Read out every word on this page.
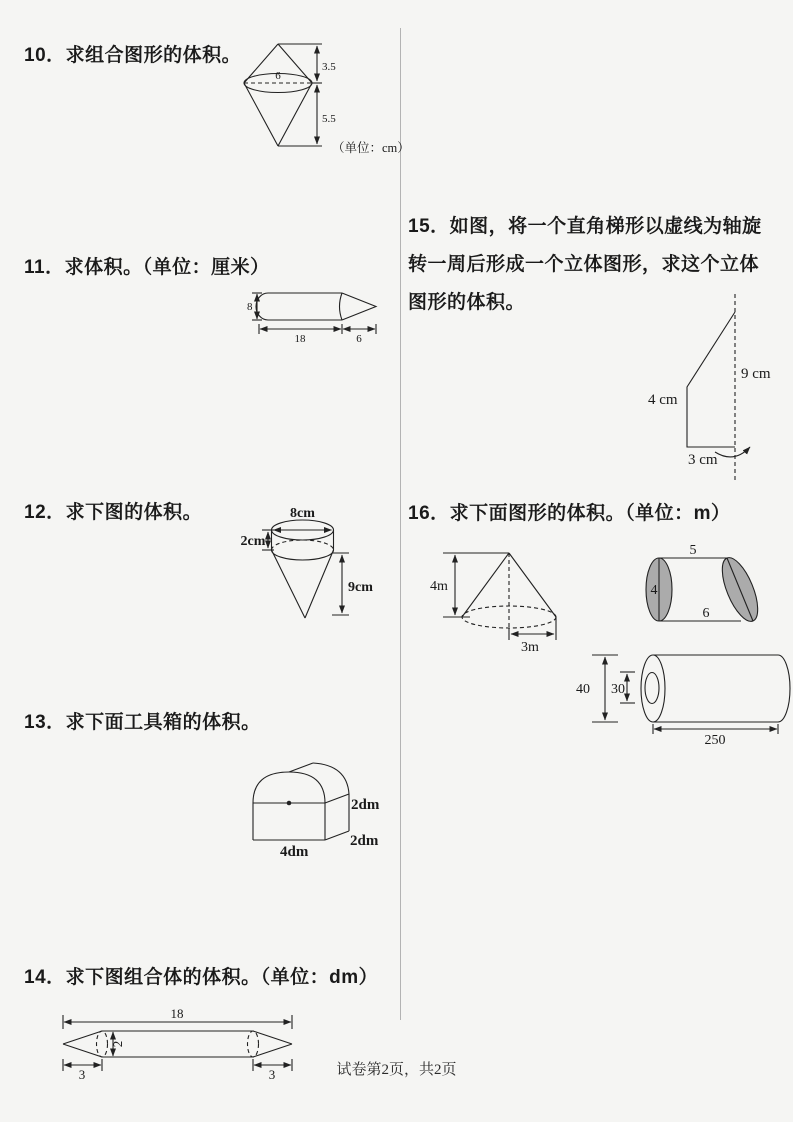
10．求组合图形的体积。
6
3.5
5.5
（单位：cm）
11．求体积。（单位：厘米）
8
18	6
12．求下图的体积。	8cm
2cm
9cm
13．求下面工具箱的体积。
2dm
2dm
4dm
14．求下图组合体的体积。（单位：dm）
18
2
3	3
15．如图，将一个直角梯形以虚线为轴旋
转一周后形成一个立体图形，求这个立体
图形的体积。
9 cm
4 cm
3 cm
16．求下面图形的体积。（单位：m）
4m
3m
5
4
6
40 30
250
试卷第2页，共2页
